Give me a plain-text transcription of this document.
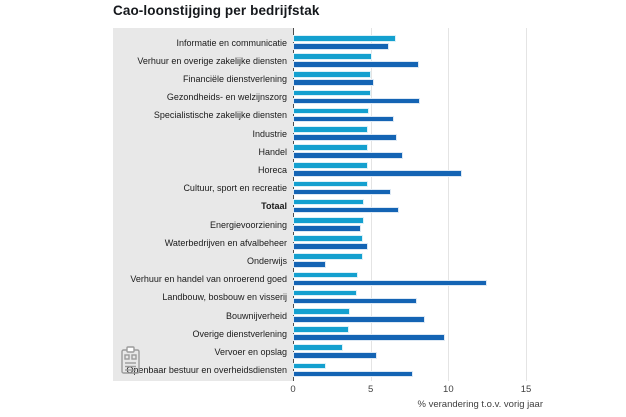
Cao-loonstijging per bedrijfstak
Informatie en communicatie
Verhuur en overige zakelijke diensten
Financiële dienstverlening
Gezondheids- en welzijnszorg
Specialistische zakelijke diensten
Industrie
Handel
Horeca
Cultuur, sport en recreatie
Totaal
Energievoorziening
Waterbedrijven en afvalbeheer
Onderwijs
Verhuur en handel van onroerend goed
Landbouw, bosbouw en visserij
Bouwnijverheid
Overige dienstverlening
Vervoer en opslag
Openbaar bestuur en overheidsdiensten
0	5	10	15
% verandering t.o.v. vorig jaar
